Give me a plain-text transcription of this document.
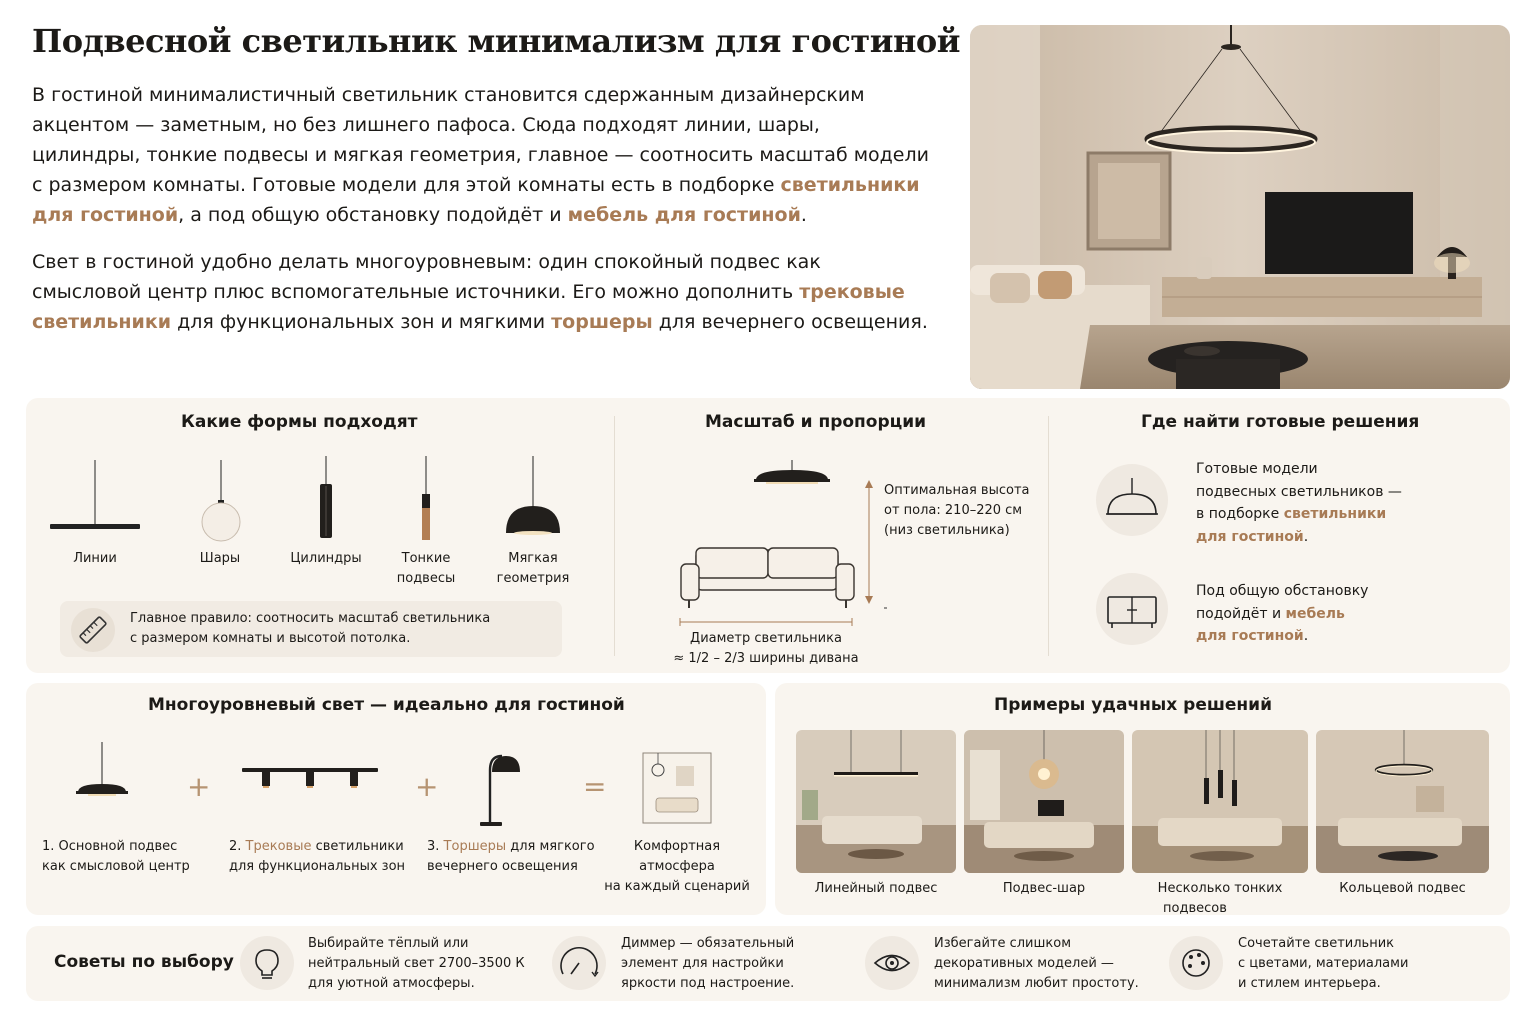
Подвесной светильник минимализм для гостиной

В гостиной минималистичный светильник становится сдержанным дизайнерским акцентом — заметным, но без лишнего пафоса. Сюда подходят линии, шары, цилиндры, тонкие подвесы и мягкая геометрия, главное — соотносить масштаб модели с размером комнаты. Готовые модели для этой комнаты есть в подборке светильники для гостиной, а под общую обстановку подойдёт и мебель для гостиной.

Свет в гостиной удобно делать многоуровневым: один спокойный подвес как смысловой центр плюс вспомогательные источники. Его можно дополнить трековые светильники для функциональных зон и мягкими торшеры для вечернего освещения.

Какие формы подходят
Линии	Шары	Цилиндры	Тонкие
подвесы
Мягкая
геометрия
Главное правило: соотносить масштаб светильника
с размером комнаты и высотой потолка.
Масштаб и пропорции
Оптимальная высота
от пола: 210–220 см
(низ светильника)
Диаметр светильника
≈ 1/2 – 2/3 ширины дивана
Где найти готовые решения
Готовые модели
подвесных светильников —
в подборке светильники
для гостиной.
Под общую обстановку
подойдёт и мебель
для гостиной.
Многоуровневый свет — идеально для гостиной
+	+	=
1. Основной подвес
как смысловой центр
2. Трековые светильники
для функциональных зон
3. Торшеры для мягкого
вечернего освещения
Комфортная атмосфера
на каждый сценарий
Примеры удачных решений
Линейный подвес	Подвес-шар	Несколько тонких
подвесов
Кольцевой подвес
Советы по выбору
Выбирайте тёплый или
нейтральный свет 2700–3500 К
для уютной атмосферы.
Диммер — обязательный
элемент для настройки
яркости под настроение.
Избегайте слишком
декоративных моделей —
минимализм любит простоту.
Сочетайте светильник
с цветами, материалами
и стилем интерьера.
